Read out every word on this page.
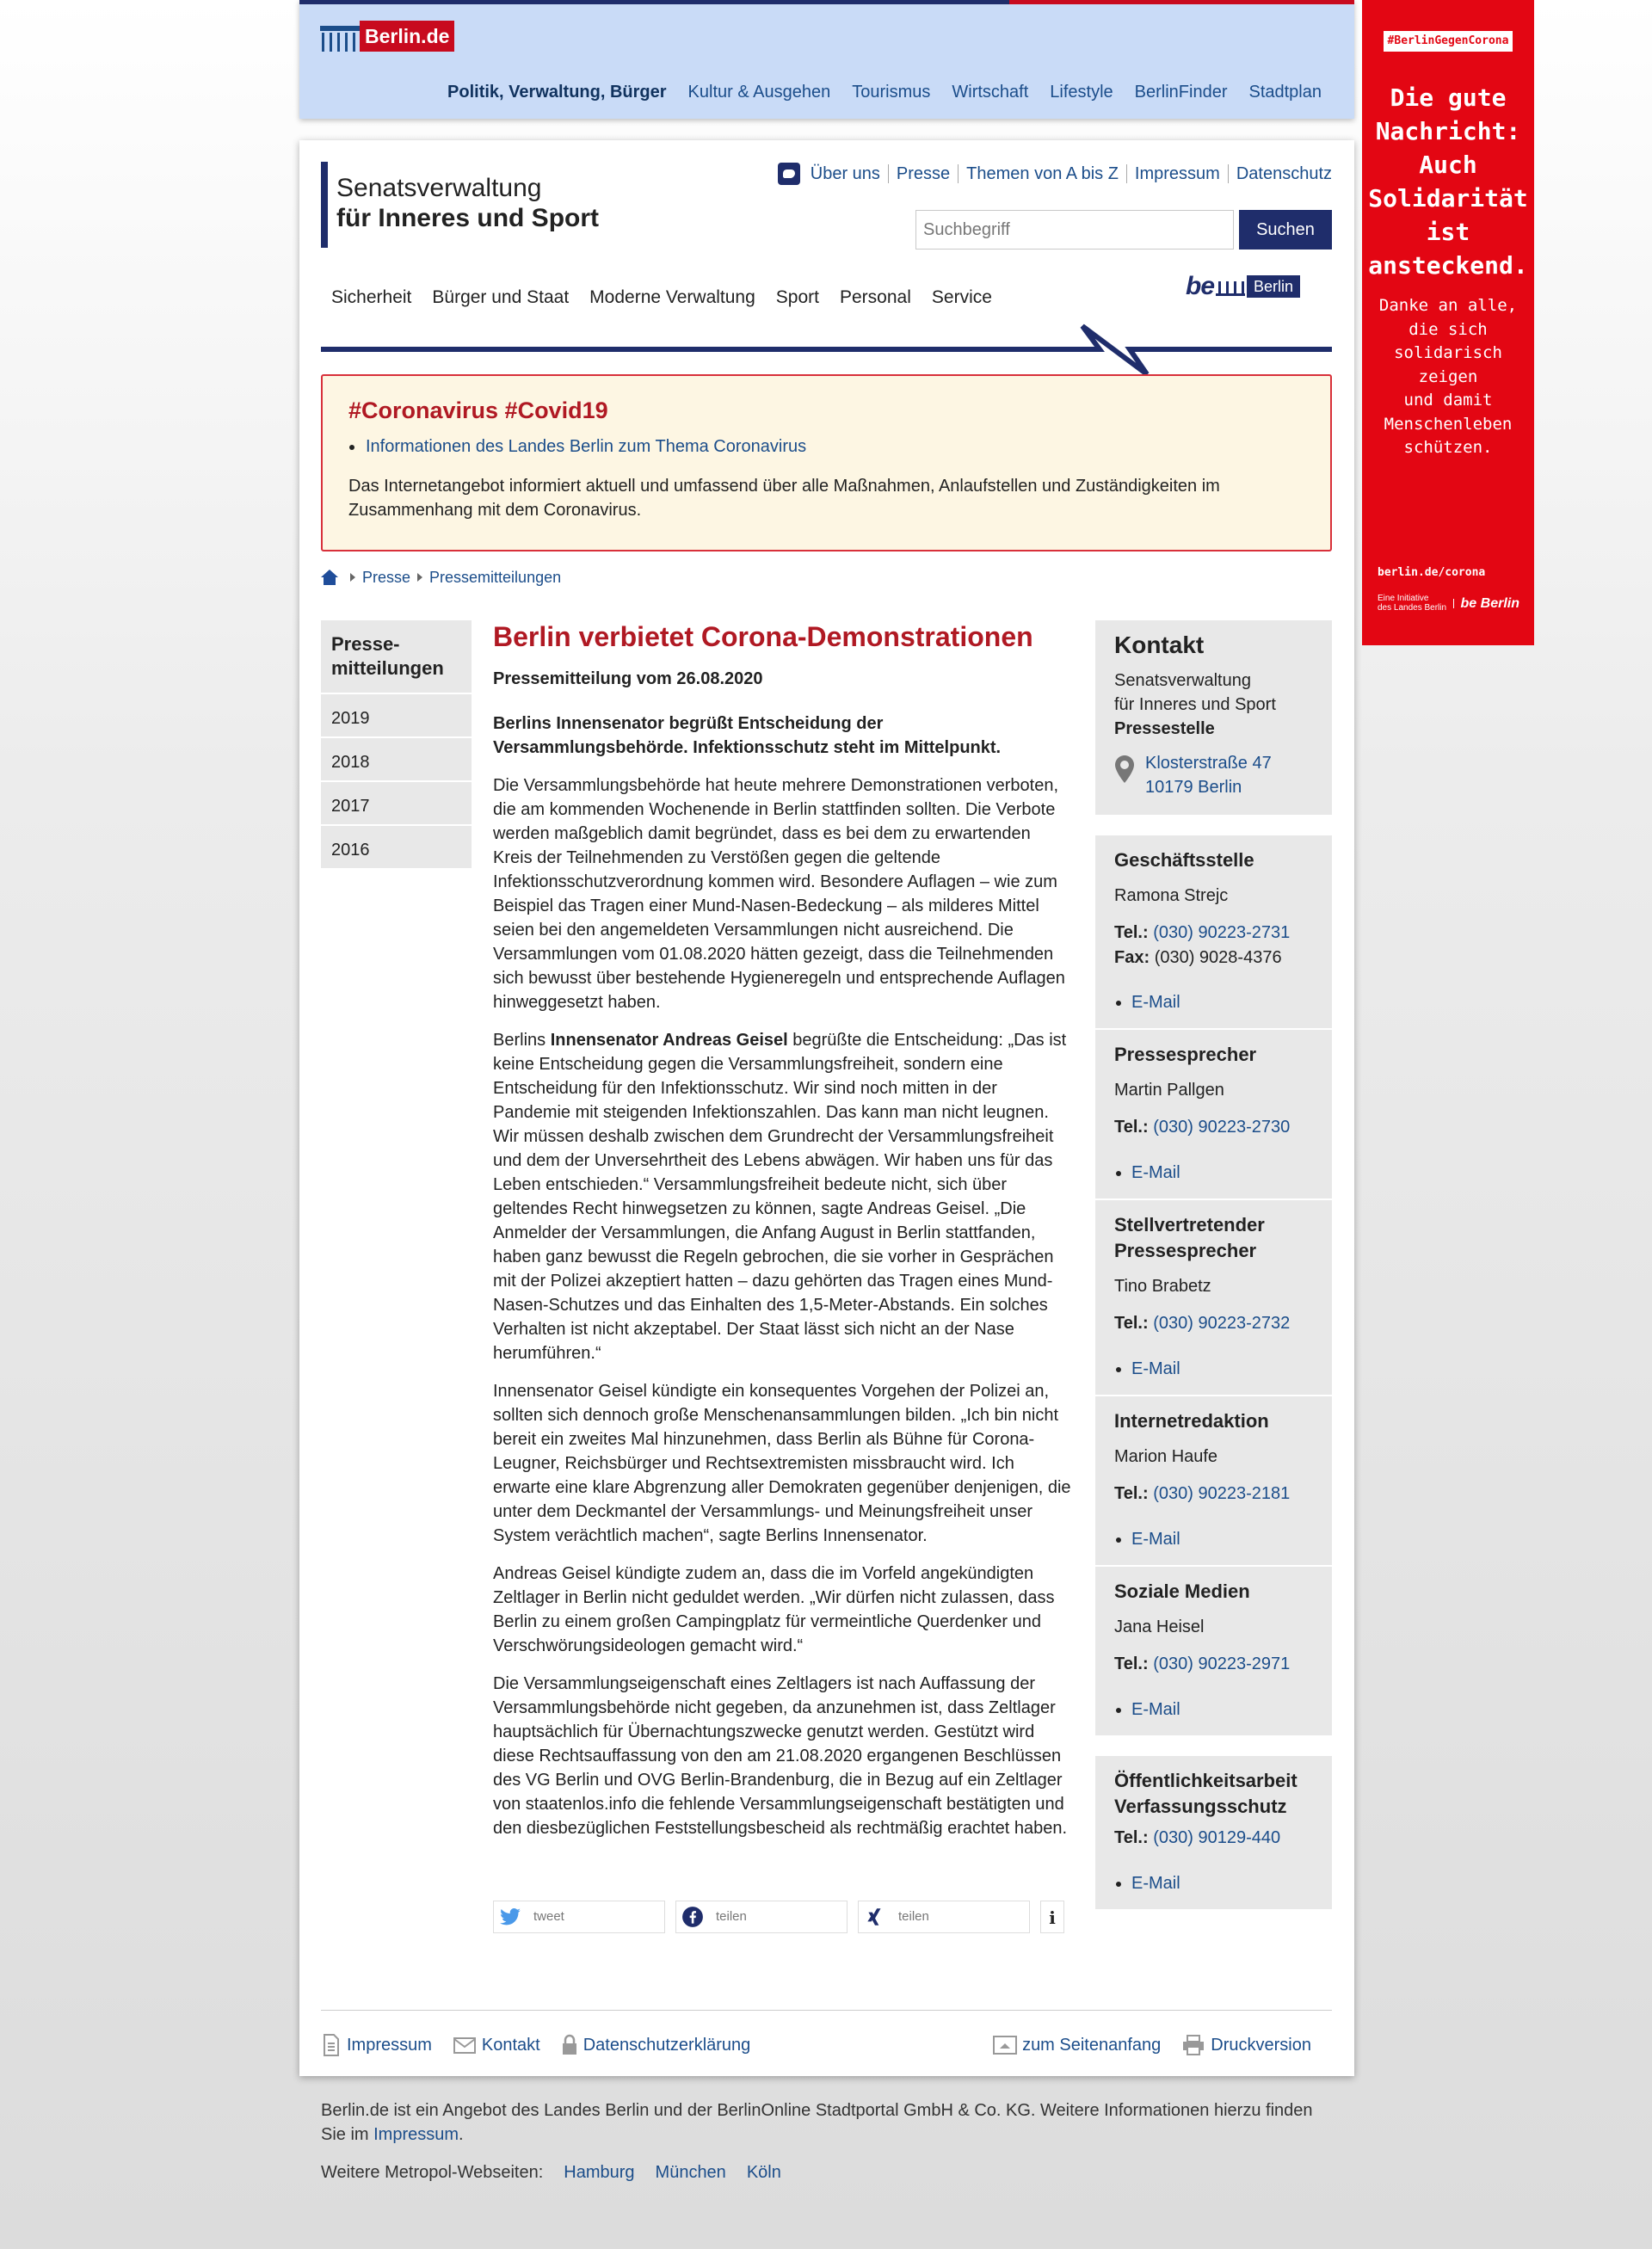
Berlin.de
Politik, Verwaltung, Bürger Kultur & Ausgehen Tourismus Wirtschaft Lifestyle BerlinFinder Stadtplan
#BerlinGegenCorona
Die gute
Nachricht:
Auch
Solidarität
ist
ansteckend.
Danke an alle,
die sich
solidarisch
zeigen
und damit
Menschenleben
schützen.
berlin.de/corona
Eine Initiative
des Landes Berlin	be Berlin
Senatsverwaltung
für Inneres und Sport
Über uns Presse Themen von A bis Z Impressum Datenschutz
Suchbegriff	Suchen
Sicherheit	Bürger und Staat	Moderne Verwaltung	Sport	Personal	Service	be	Berlin
#Coronavirus #Covid19
Informationen des Landes Berlin zum Thema Coronavirus

Das Internetangebot informiert aktuell und umfassend über alle Maßnahmen, Anlaufstellen und Zuständigkeiten im Zusammenhang mit dem Coronavirus.

Presse Pressemitteilungen
Presse-mitteilungen
2019
2018
2017
2016
Berlin verbietet Corona-Demonstrationen
Pressemitteilung vom 26.08.2020
Berlins Innensenator begrüßt Entscheidung der Versammlungsbehörde. Infektionsschutz steht im Mittelpunkt.

Die Versammlungsbehörde hat heute mehrere Demonstrationen verboten, die am kommenden Wochenende in Berlin stattfinden sollten. Die Verbote werden maßgeblich damit begründet, dass es bei dem zu erwartenden Kreis der Teilnehmenden zu Verstößen gegen die geltende Infektionsschutzverordnung kommen wird. Besondere Auflagen – wie zum Beispiel das Tragen einer Mund-Nasen-Bedeckung – als milderes Mittel seien bei den angemeldeten Versammlungen nicht ausreichend. Die Versammlungen vom 01.08.2020 hätten gezeigt, dass die Teilnehmenden sich bewusst über bestehende Hygieneregeln und entsprechende Auflagen hinweggesetzt haben.

Berlins Innensenator Andreas Geisel begrüßte die Entscheidung: „Das ist keine Entscheidung gegen die Versammlungsfreiheit, sondern eine Entscheidung für den Infektionsschutz. Wir sind noch mitten in der Pandemie mit steigenden Infektionszahlen. Das kann man nicht leugnen. Wir müssen deshalb zwischen dem Grundrecht der Versammlungsfreiheit und dem der Unversehrtheit des Lebens abwägen. Wir haben uns für das Leben entschieden.“ Versammlungsfreiheit bedeute nicht, sich über geltendes Recht hinwegsetzen zu können, sagte Andreas Geisel. „Die Anmelder der Versammlungen, die Anfang August in Berlin stattfanden, haben ganz bewusst die Regeln gebrochen, die sie vorher in Gesprächen mit der Polizei akzeptiert hatten – dazu gehörten das Tragen eines Mund-Nasen-Schutzes und das Einhalten des 1,5-Meter-Abstands. Ein solches Verhalten ist nicht akzeptabel. Der Staat lässt sich nicht an der Nase herumführen.“

Innensenator Geisel kündigte ein konsequentes Vorgehen der Polizei an, sollten sich dennoch große Menschenansammlungen bilden. „Ich bin nicht bereit ein zweites Mal hinzunehmen, dass Berlin als Bühne für Corona-Leugner, Reichsbürger und Rechtsextremisten missbraucht wird. Ich erwarte eine klare Abgrenzung aller Demokraten gegenüber denjenigen, die unter dem Deckmantel der Versammlungs- und Meinungsfreiheit unser System verächtlich machen“, sagte Berlins Innensenator.

Andreas Geisel kündigte zudem an, dass die im Vorfeld angekündigten Zeltlager in Berlin nicht geduldet werden. „Wir dürfen nicht zulassen, dass Berlin zu einem großen Campingplatz für vermeintliche Querdenker und Verschwörungsideologen gemacht wird.“

Die Versammlungseigenschaft eines Zeltlagers ist nach Auffassung der Versammlungsbehörde nicht gegeben, da anzunehmen ist, dass Zeltlager hauptsächlich für Übernachtungszwecke genutzt werden. Gestützt wird diese Rechtsauffassung von den am 21.08.2020 ergangenen Beschlüssen des VG Berlin und OVG Berlin-Brandenburg, die in Bezug auf ein Zeltlager von staatenlos.info die fehlende Versammlungseigenschaft bestätigten und den diesbezüglichen Feststellungsbescheid als rechtmäßig erachtet haben.

tweet	teilen	teilen	i
Kontakt
Senatsverwaltung
für Inneres und Sport
Pressestelle
Klosterstraße 47
10179 Berlin
Geschäftsstelle
Ramona Strejc
Tel.: (030) 90223-2731
Fax: (030) 9028-4376
E-Mail
Pressesprecher
Martin Pallgen
Tel.: (030) 90223-2730
E-Mail
Stellvertretender Pressesprecher
Tino Brabetz
Tel.: (030) 90223-2732
E-Mail
Internetredaktion
Marion Haufe
Tel.: (030) 90223-2181
E-Mail
Soziale Medien
Jana Heisel
Tel.: (030) 90223-2971
E-Mail
Öffentlichkeitsarbeit Verfassungsschutz
Tel.: (030) 90129-440
E-Mail
Impressum	Kontakt	Datenschutzerklärung	zum Seitenanfang	Druckversion
Berlin.de ist ein Angebot des Landes Berlin und der BerlinOnline Stadtportal GmbH & Co. KG. Weitere Informationen hierzu finden Sie im Impressum.
Weitere Metropol-Webseiten: Hamburg München Köln
